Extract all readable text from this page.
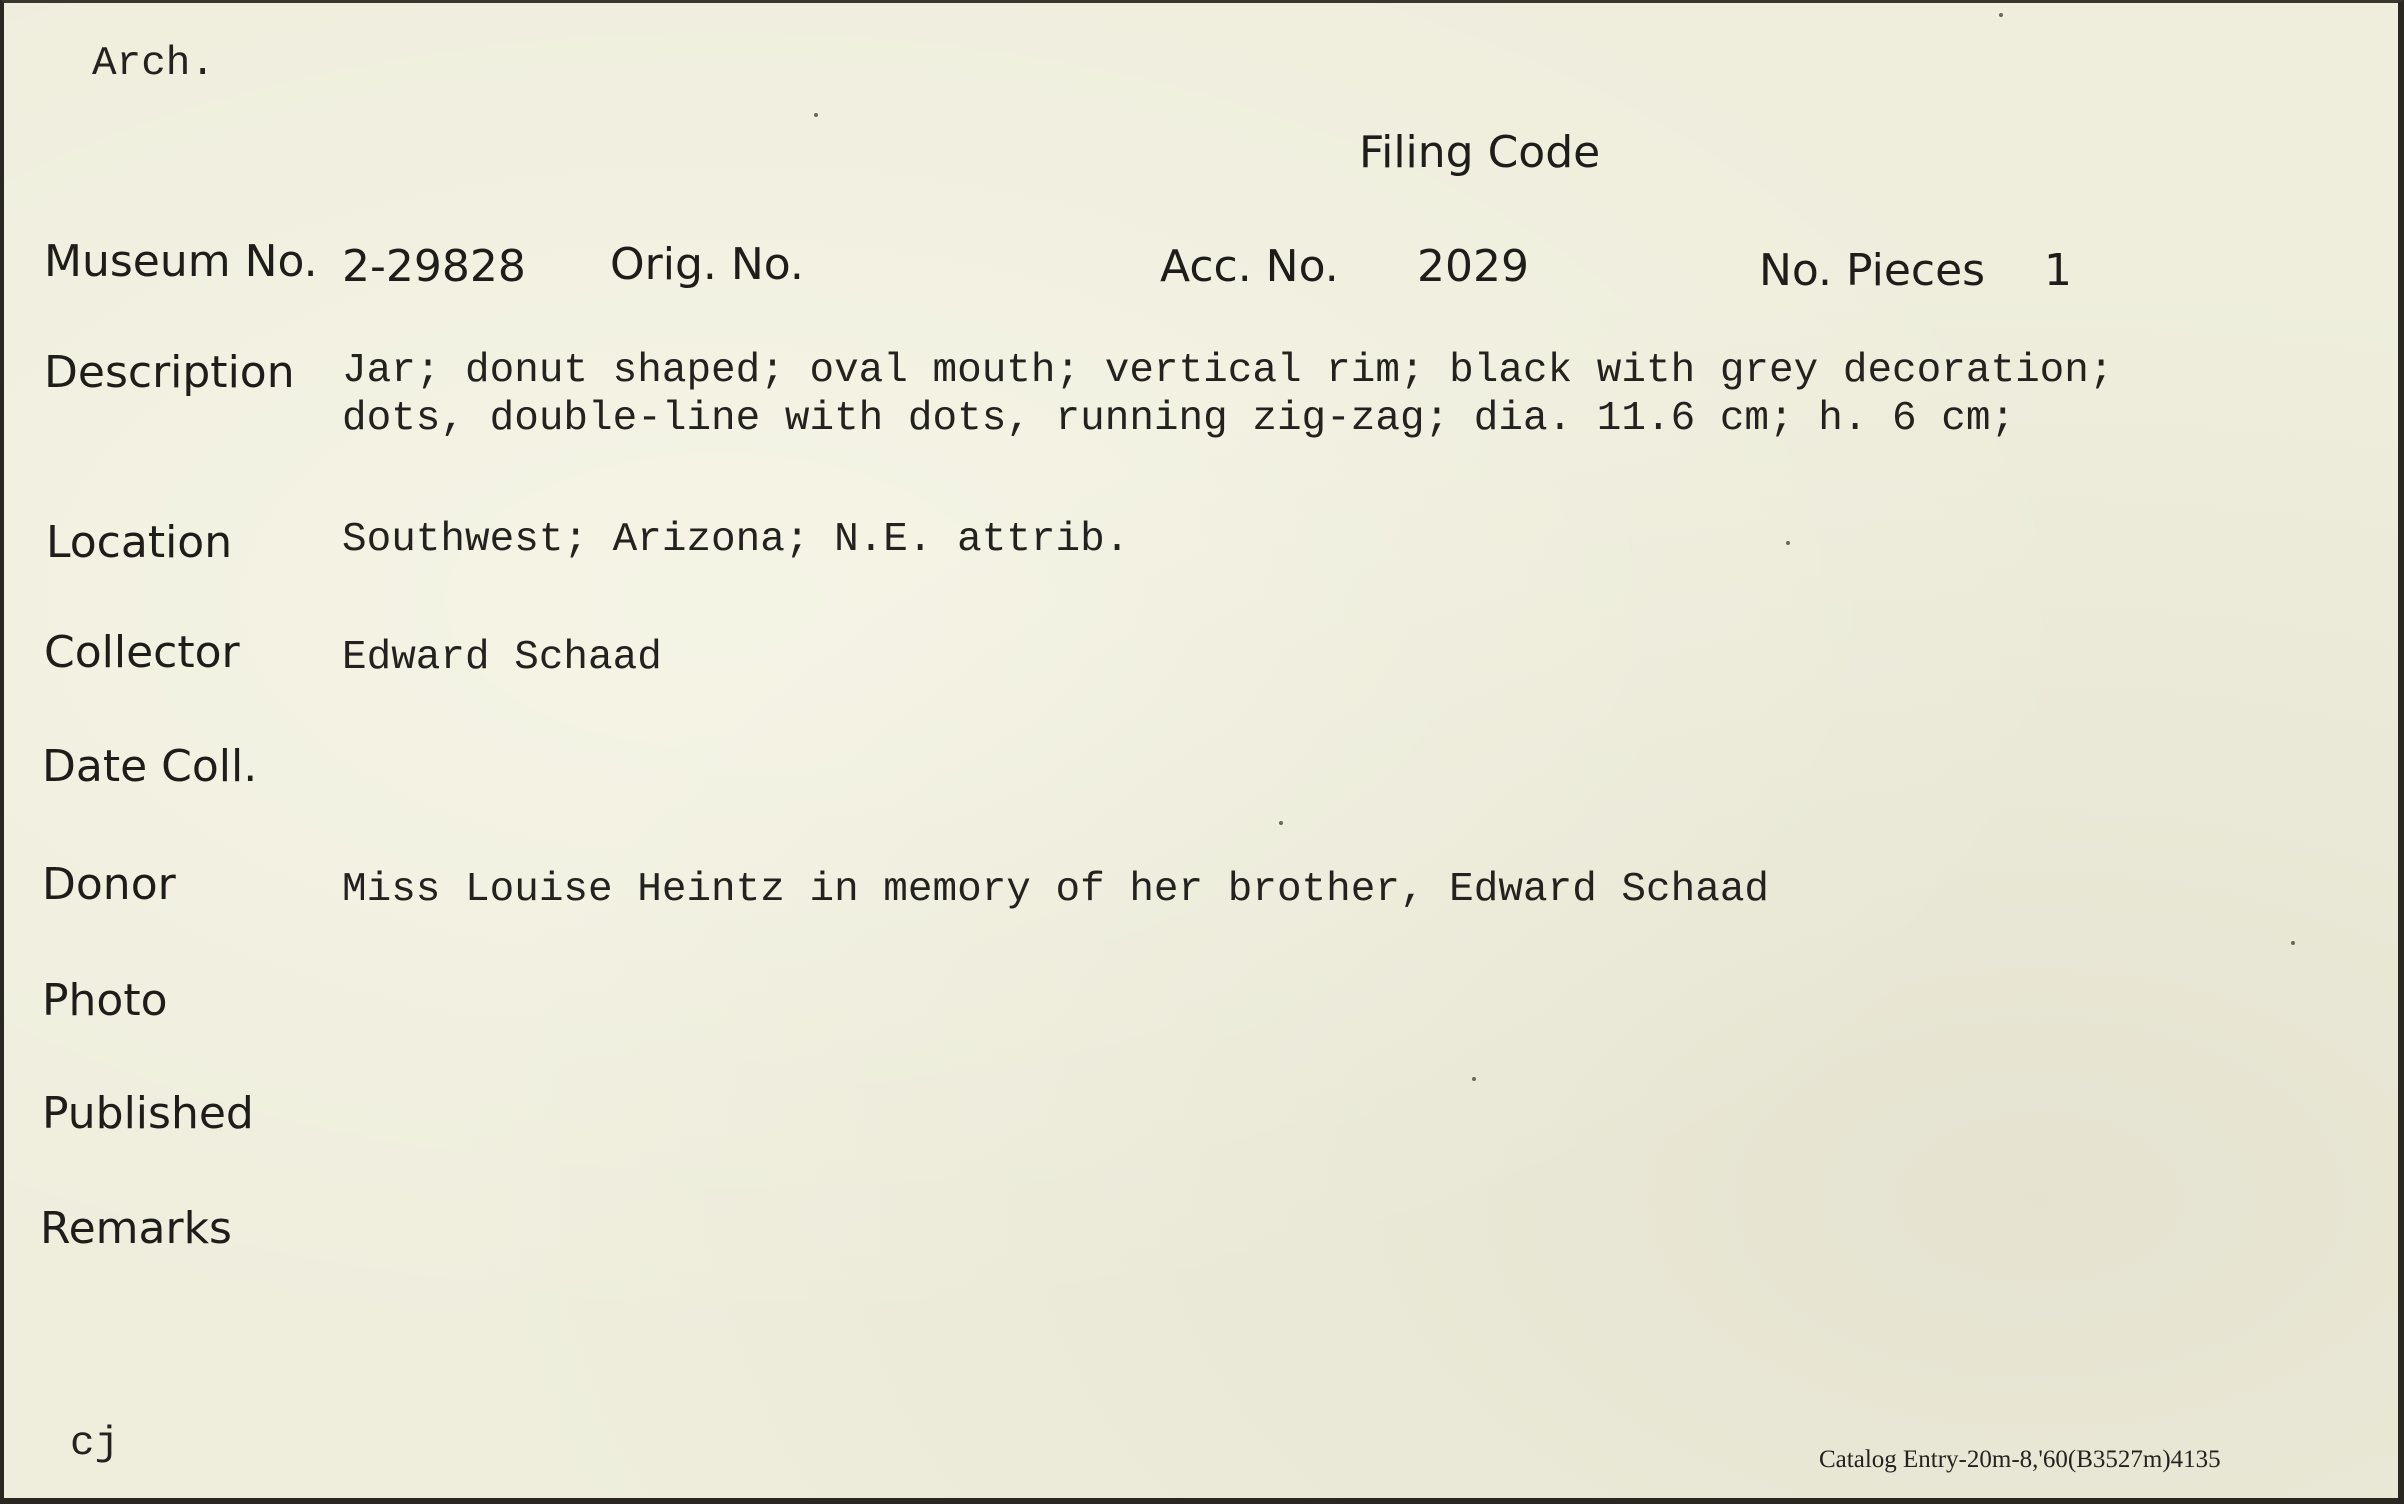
Arch.
Filing Code
Museum No. 2-29828 Orig. No.	Acc. No. 2029	No. Pieces 1
Description Jar; donut shaped; oval mouth; vertical rim; black with grey decoration;
dots, double-line with dots, running zig-zag; dia. 11.6 cm; h. 6 cm;
Location	Southwest; Arizona; N.E. attrib.
Collector Edward Schaad
Date Coll.
Donor	Miss Louise Heintz in memory of her brother, Edward Schaad
Photo
Published
Remarks
cj	Catalog Entry-20m-8,'60(B3527m)4135
